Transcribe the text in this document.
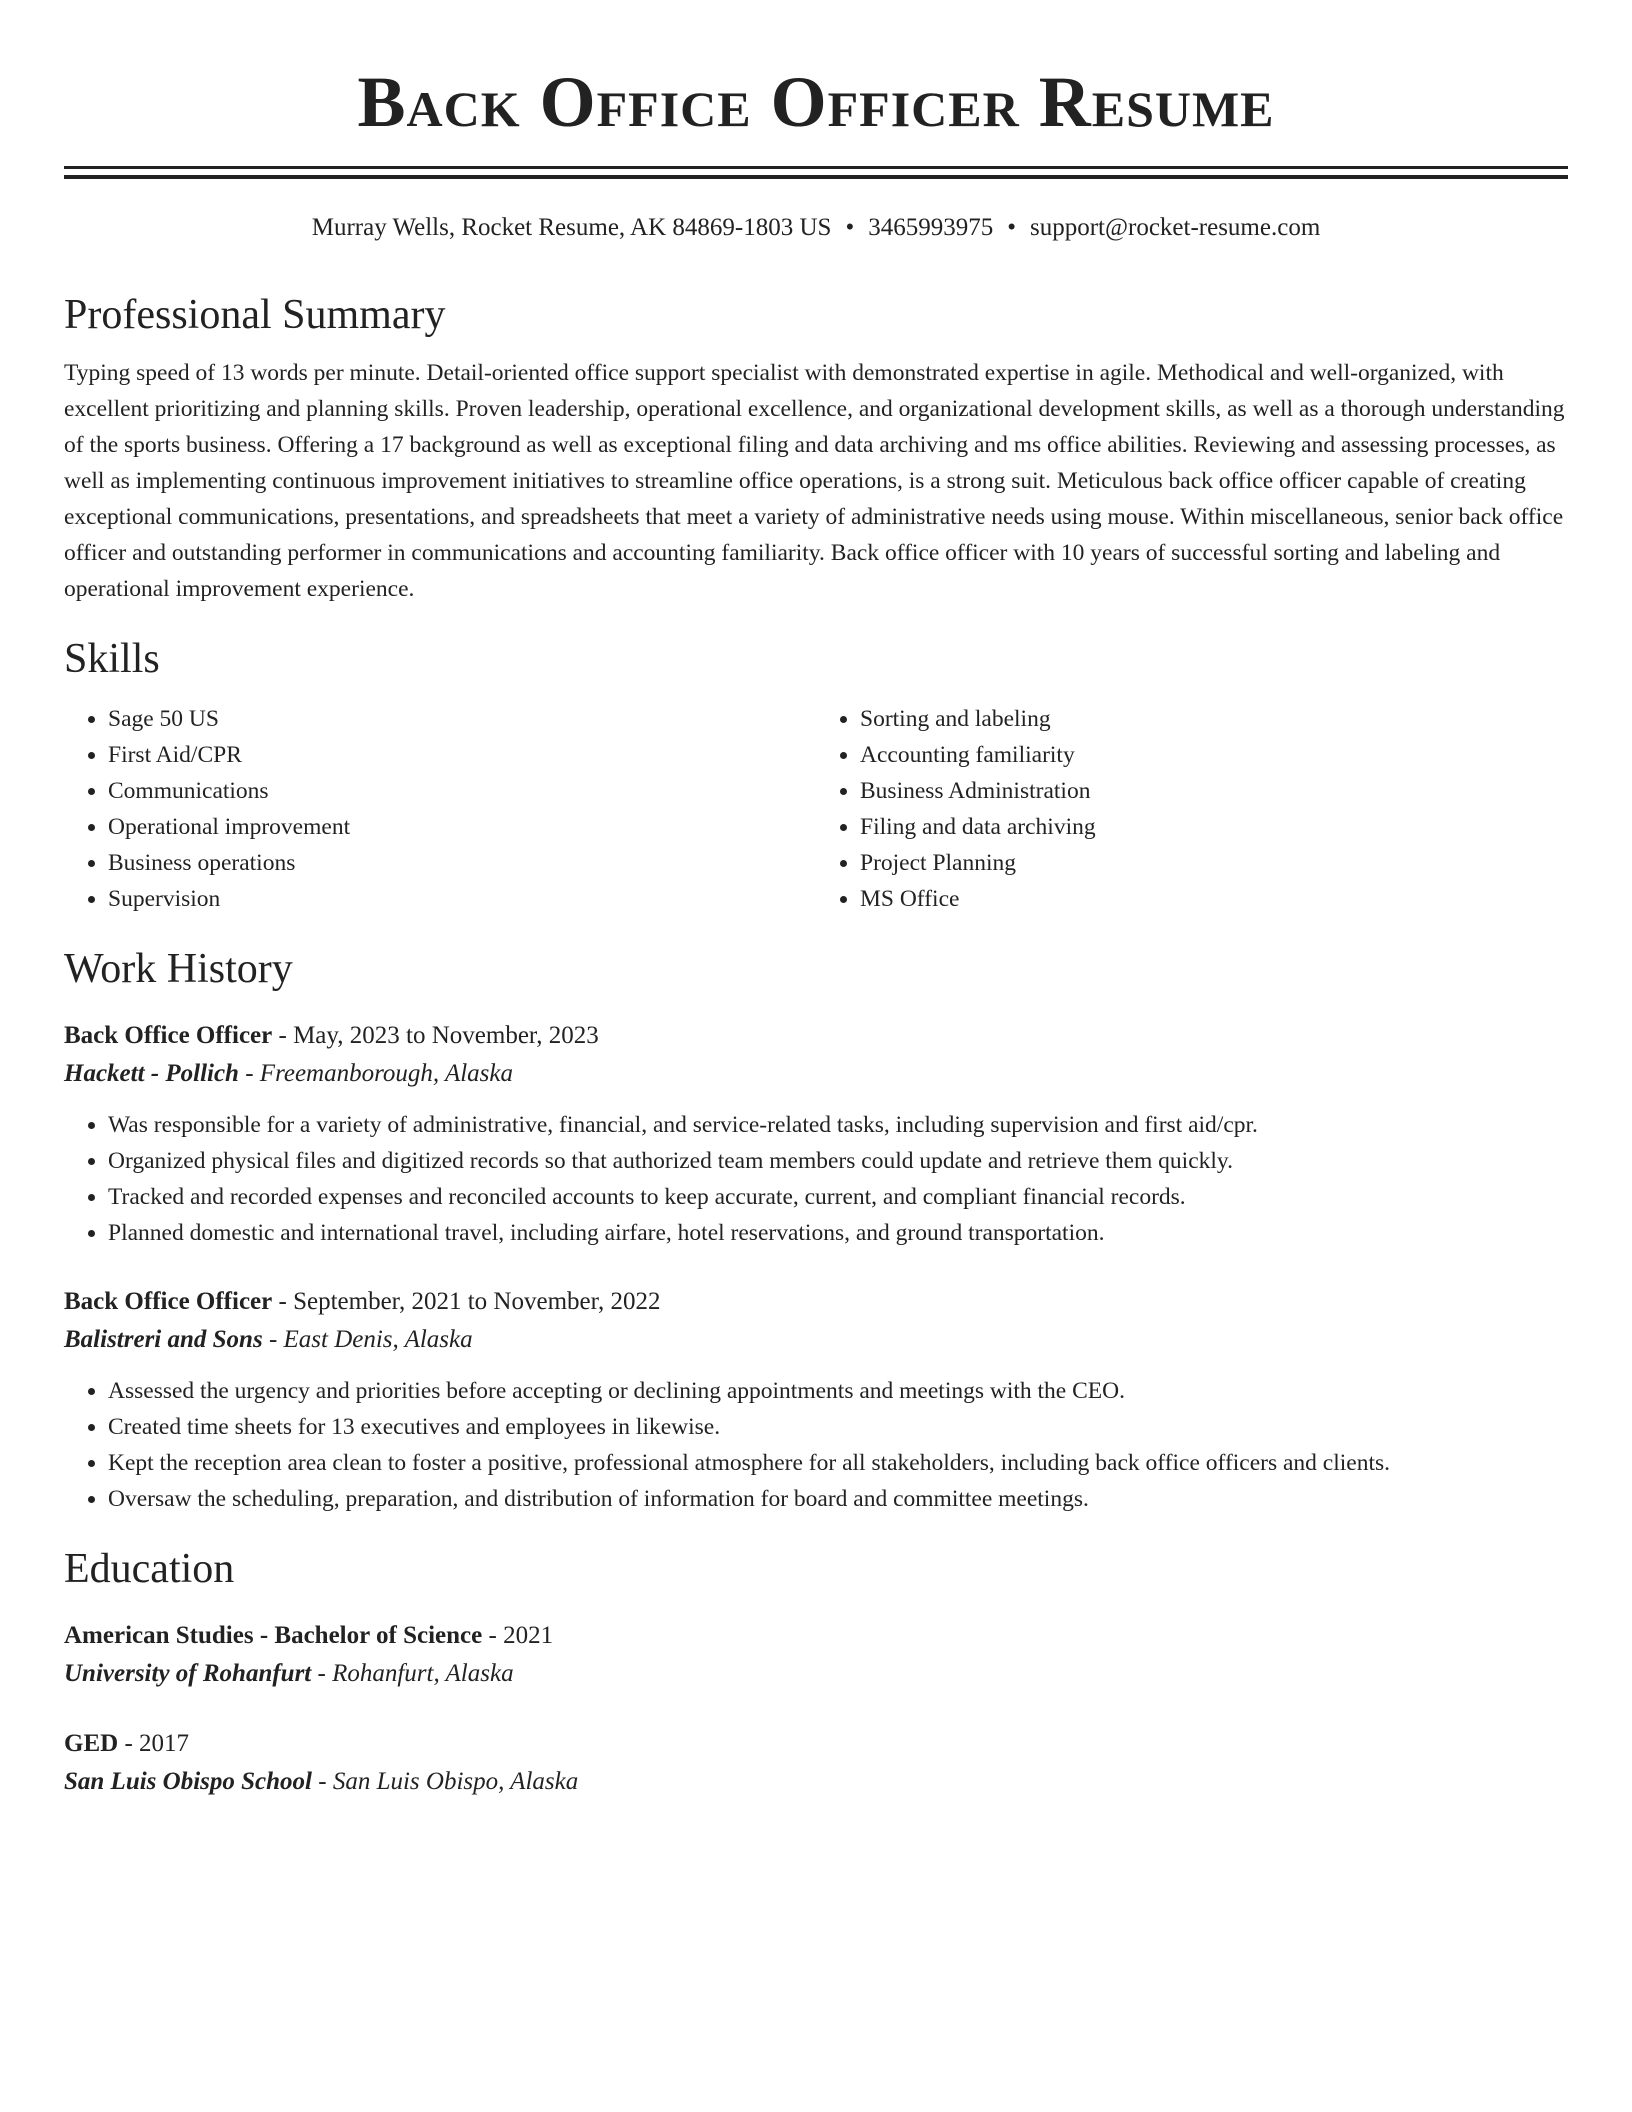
Back Office Officer Resume
Murray Wells, Rocket Resume, AK 84869-1803 US • 3465993975 • support@rocket-resume.com
Professional Summary
Typing speed of 13 words per minute. Detail-oriented office support specialist with demonstrated expertise in agile. Methodical and well-organized, with excellent prioritizing and planning skills. Proven leadership, operational excellence, and organizational development skills, as well as a thorough understanding of the sports business. Offering a 17 background as well as exceptional filing and data archiving and ms office abilities. Reviewing and assessing processes, as well as implementing continuous improvement initiatives to streamline office operations, is a strong suit. Meticulous back office officer capable of creating exceptional communications, presentations, and spreadsheets that meet a variety of administrative needs using mouse. Within miscellaneous, senior back office officer and outstanding performer in communications and accounting familiarity. Back office officer with 10 years of successful sorting and labeling and operational improvement experience.
Skills
• Sage 50 US
• First Aid/CPR
• Communications
• Operational improvement
• Business operations
• Supervision
• Sorting and labeling
• Accounting familiarity
• Business Administration
• Filing and data archiving
• Project Planning
• MS Office
Work History
Back Office Officer - May, 2023 to November, 2023
Hackett - Pollich - Freemanborough, Alaska
• Was responsible for a variety of administrative, financial, and service-related tasks, including supervision and first aid/cpr.
• Organized physical files and digitized records so that authorized team members could update and retrieve them quickly.
• Tracked and recorded expenses and reconciled accounts to keep accurate, current, and compliant financial records.
• Planned domestic and international travel, including airfare, hotel reservations, and ground transportation.
Back Office Officer - September, 2021 to November, 2022
Balistreri and Sons - East Denis, Alaska
• Assessed the urgency and priorities before accepting or declining appointments and meetings with the CEO.
• Created time sheets for 13 executives and employees in likewise.
• Kept the reception area clean to foster a positive, professional atmosphere for all stakeholders, including back office officers and clients.
• Oversaw the scheduling, preparation, and distribution of information for board and committee meetings.
Education
American Studies - Bachelor of Science - 2021
University of Rohanfurt - Rohanfurt, Alaska
GED - 2017
San Luis Obispo School - San Luis Obispo, Alaska
